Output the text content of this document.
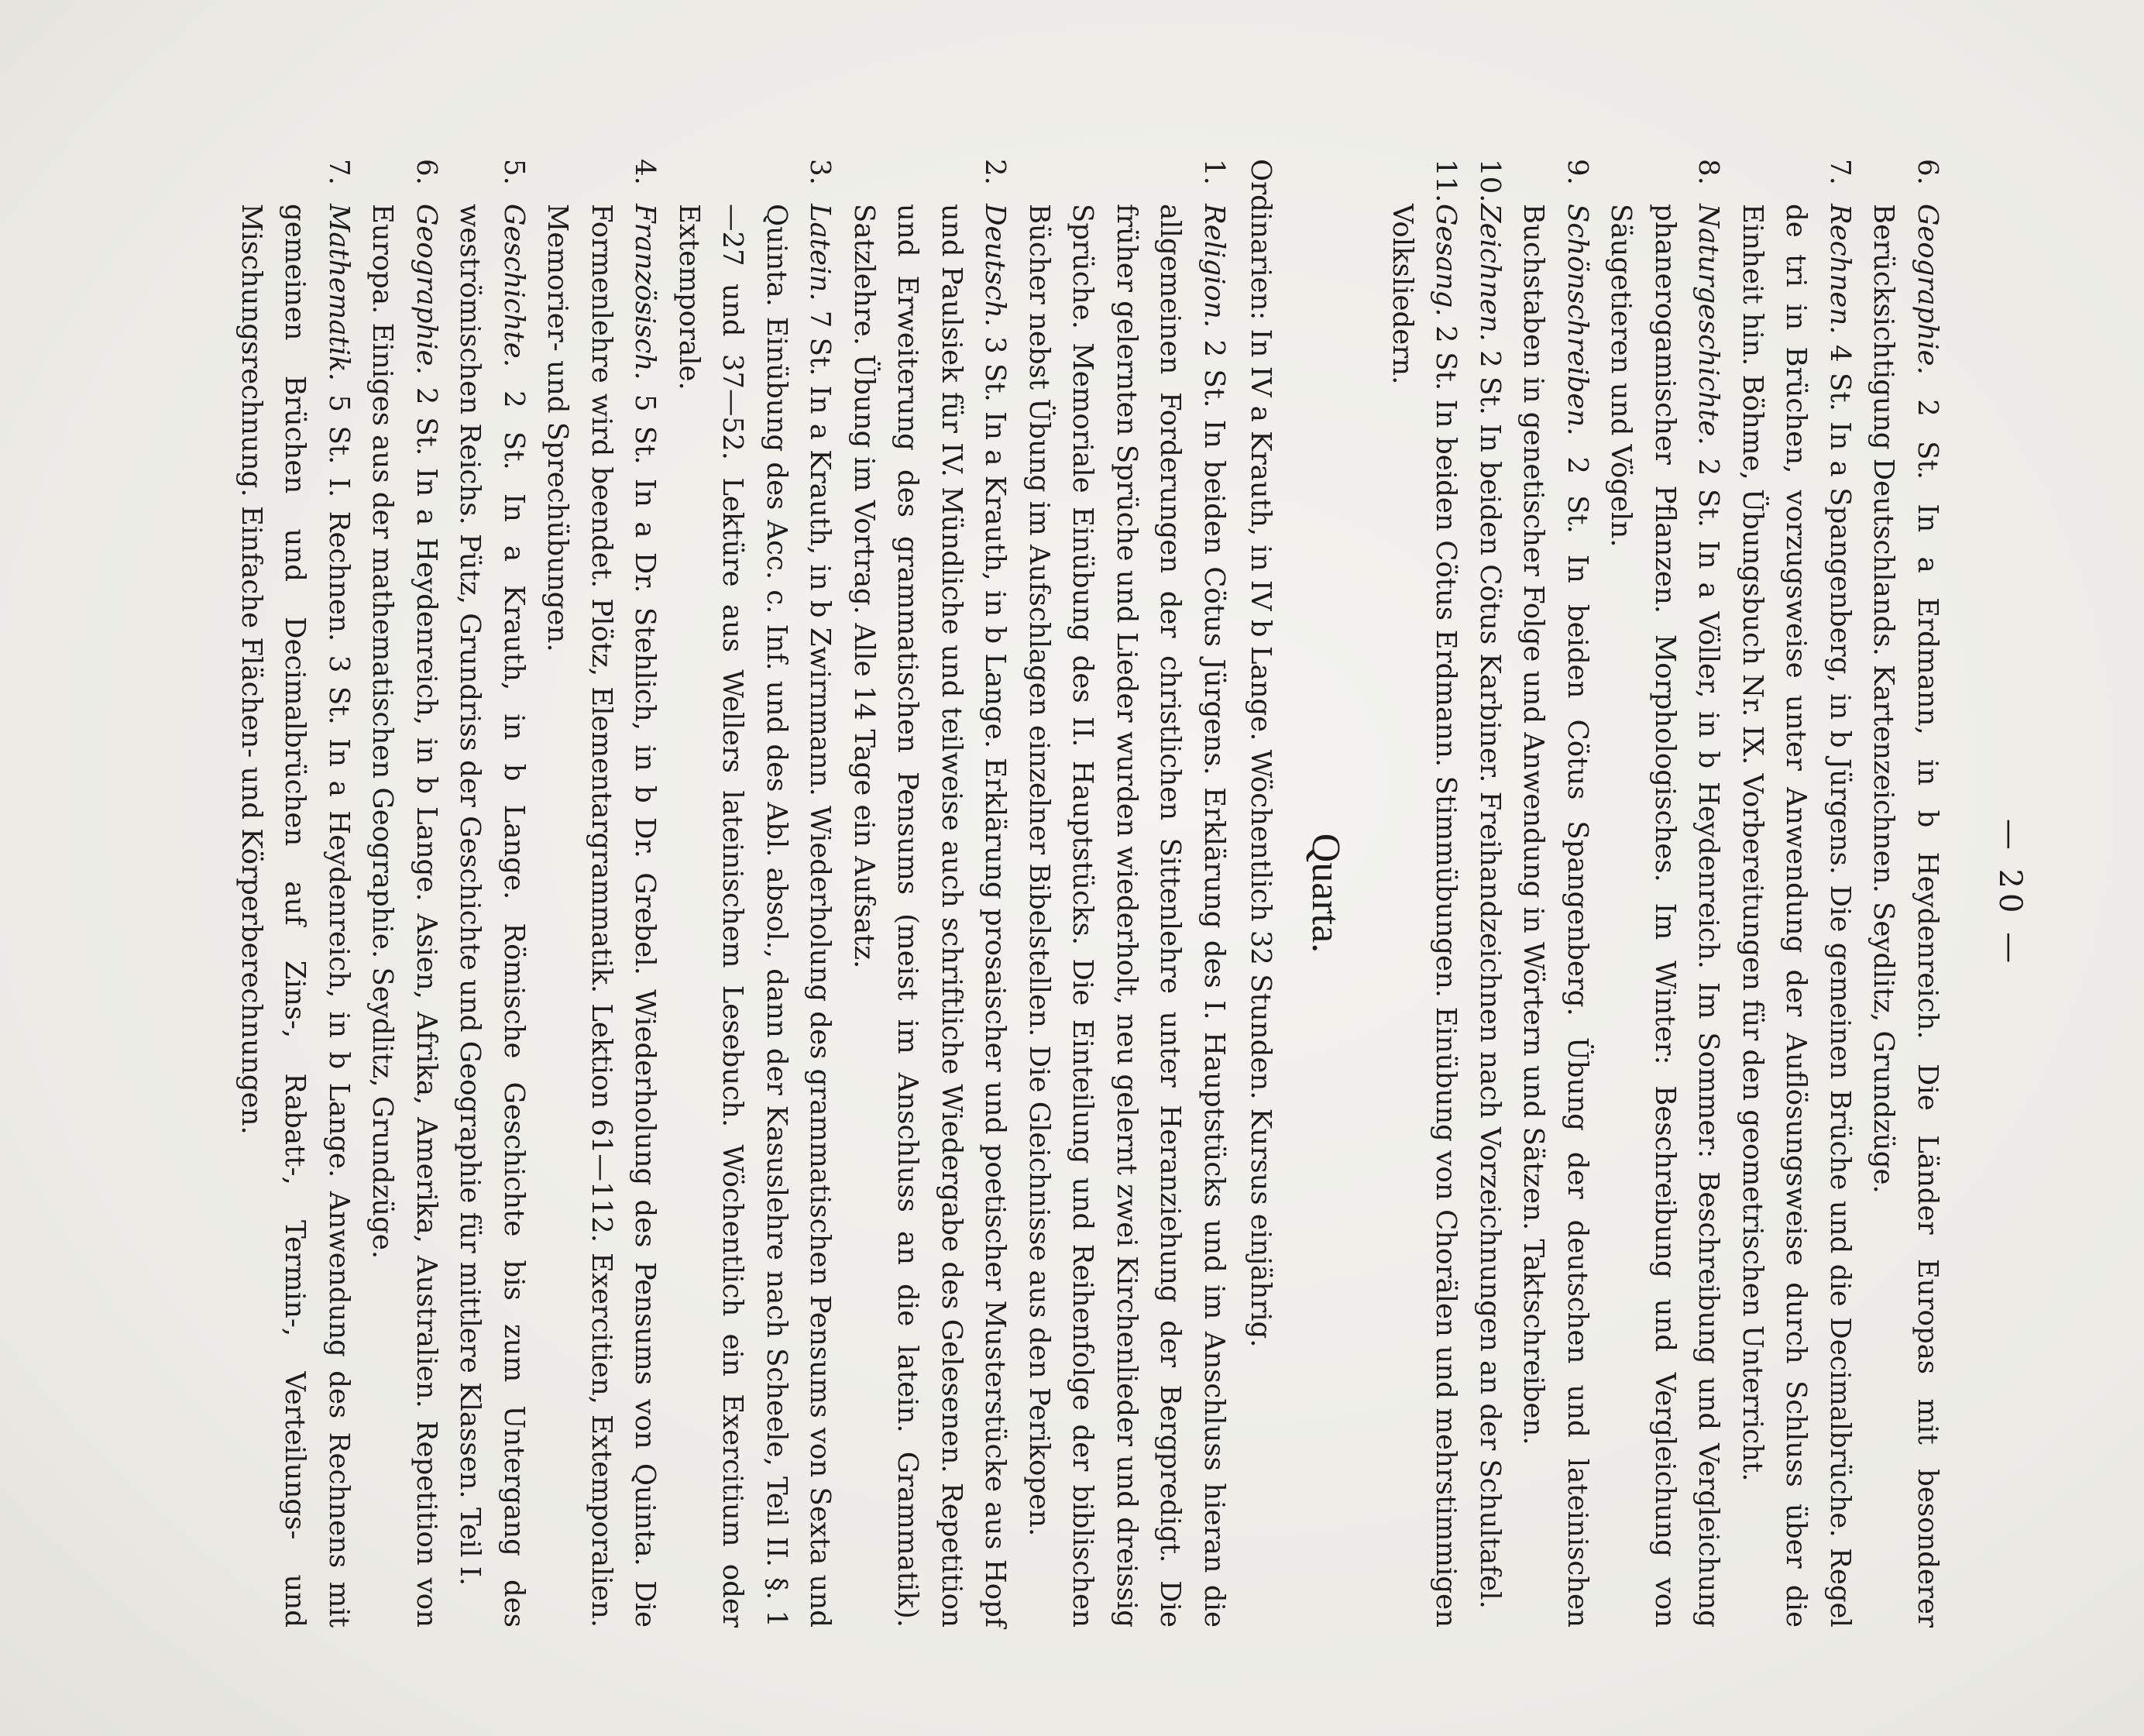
— 20 —
6.Geographie. 2 St. In a Erdmann, in b Heydenreich. Die Länder Europas mit besonderer Berücksichtigung Deutschlands. Kartenzeichnen. Seydlitz, Grundzüge.
7.Rechnen. 4 St. In a Spangenberg, in b Jürgens. Die gemeinen Brüche und die Decimalbrüche. Regel de tri in Brüchen, vorzugsweise unter Anwendung der Auflösungsweise durch Schluss über die Einheit hin. Böhme, Übungsbuch Nr. IX. Vorbereitungen für den geometrischen Unterricht.
8.Naturgeschichte. 2 St. In a Völler, in b Heydenreich. Im Sommer: Beschreibung und Vergleichung phanerogamischer Pflanzen. Morphologisches. Im Winter: Beschreibung und Vergleichung von Säugetieren und Vögeln.
9.Schönschreiben. 2 St. In beiden Cötus Spangenberg. Übung der deutschen und lateinischen Buchstaben in genetischer Folge und Anwendung in Wörtern und Sätzen. Taktschreiben.
10.Zeichnen. 2 St. In beiden Cötus Karbiner. Freihandzeichnen nach Vorzeichnungen an der Schultafel.
11.Gesang. 2 St. In beiden Cötus Erdmann. Stimmübungen. Einübung von Chorälen und mehrstimmigen Volksliedern.
Quarta.
Ordinarien: In IV a Krauth, in IV b Lange. Wöchentlich 32 Stunden. Kursus einjährig.
1.Religion. 2 St. In beiden Cötus Jürgens. Erklärung des I. Hauptstücks und im Anschluss hieran die allgemeinen Forderungen der christlichen Sittenlehre unter Heranziehung der Bergpredigt. Die früher gelernten Sprüche und Lieder wurden wiederholt, neu gelernt zwei Kirchenlieder und dreissig Sprüche. Memoriale Einübung des II. Hauptstücks. Die Einteilung und Reihenfolge der biblischen Bücher nebst Übung im Aufschlagen einzelner Bibelstellen. Die Gleichnisse aus den Perikopen.
2.Deutsch. 3 St. In a Krauth, in b Lange. Erklärung prosaischer und poetischer Musterstücke aus Hopf und Paulsiek für IV. Mündliche und teilweise auch schriftliche Wiedergabe des Gelesenen. Repetition und Erweiterung des grammatischen Pensums (meist im Anschluss an die latein. Grammatik). Satzlehre. Übung im Vortrag. Alle 14 Tage ein Aufsatz.
3.Latein. 7 St. In a Krauth, in b Zwirnmann. Wiederholung des grammatischen Pensums von Sexta und Quinta. Einübung des Acc. c. Inf. und des Abl. absol., dann der Kasuslehre nach Scheele, Teil II. §. 1—27 und 37—52. Lektüre aus Wellers lateinischem Lesebuch. Wöchentlich ein Exercitium oder Extemporale.
4.Französisch. 5 St. In a Dr. Stehlich, in b Dr. Grebel. Wiederholung des Pensums von Quinta. Die Formenlehre wird beendet. Plötz, Elementargrammatik. Lektion 61—112. Exercitien, Extemporalien. Memorier- und Sprechübungen.
5.Geschichte. 2 St. In a Krauth, in b Lange. Römische Geschichte bis zum Untergang des weströmischen Reichs. Pütz, Grundriss der Geschichte und Geographie für mittlere Klassen. Teil I.
6.Geographie. 2 St. In a Heydenreich, in b Lange. Asien, Afrika, Amerika, Australien. Repetition von Europa. Einiges aus der mathematischen Geographie. Seydlitz, Grundzüge.
7.Mathematik. 5 St. I. Rechnen. 3 St. In a Heydenreich, in b Lange. Anwendung des Rechnens mit gemeinen Brüchen und Decimalbrüchen auf Zins-, Rabatt-, Termin-, Verteilungs- und Mischungsrechnung. Einfache Flächen- und Körperberechnungen.
